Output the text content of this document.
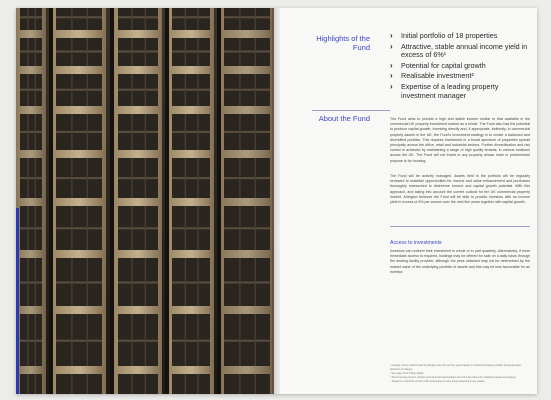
Highlights of the Fund
› Initial portfolio of 18 properties
› Attractive, stable annual income yield in excess of 6%¹
› Potential for capital growth
› Realisable investment²
› Expertise of a leading property investment manager
About the Fund	The Fund aims to provide a high and stable income similar to that available in the commercial UK property investment market as a whole. The Fund also has the potential to produce capital growth. Investing directly and, if appropriate, indirectly, in commercial property assets in the UK, the Fund's investment strategy is to create a balanced and diversified portfolio. This requires investment in a broad spectrum of properties spread principally across the office, retail and industrial sectors. Further diversification and risk control is achieved by maintaining a range of high quality tenants, in various locations across the UK. The Fund will not invest in any property whose main or predominant purpose is for housing.
The Fund will be actively managed. Assets held in the portfolio will be regularly reviewed to establish opportunities for income and value enhancement and purchases thoroughly researched to determine income and capital growth potential. With this approach, and taking into account the current outlook for the UK commercial property market, Arlington believes the Fund will be able to provide investors with an income yield in excess of 6% per annum over the next five years together with capital growth.
Access to investments
Investors can redeem their investment in whole or in part quarterly. Alternatively, if more immediate access is required, holdings may be offered for sale on a daily basis through the dealing facility provider, although the price obtained may not be determined by the market value of the underlying portfolio of assets and this may be less favourable for an investor.
¹ Average income yield forecast by Arlington over the next five years based on a historical property portfolio and quoted after deduction of charges.
² See page 11 for further details.
³ The Fund may invest in vehicles such as limited partnerships and unit trusts where the underlying assets are property.
⁴ Subject to a minimum of 10% of the total shares in issue being redeemed in any quarter.
